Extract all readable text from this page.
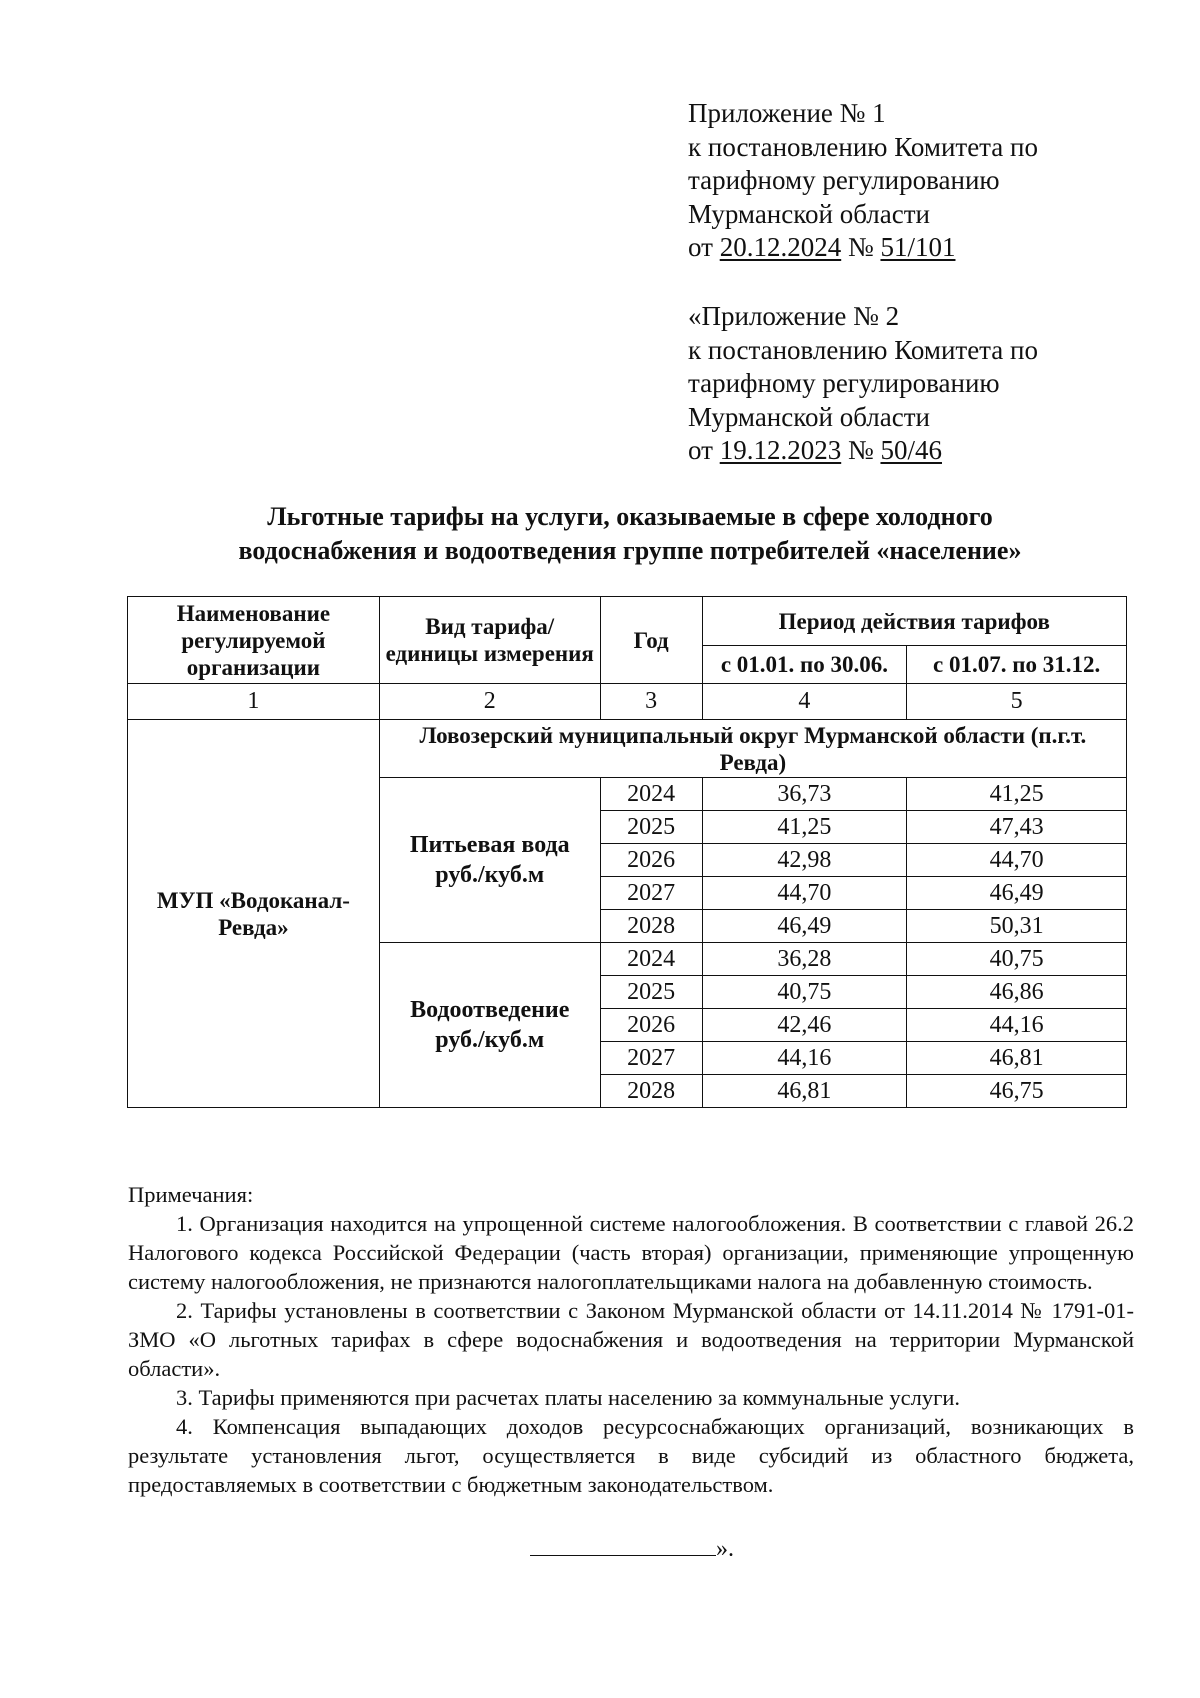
Приложение № 1

к постановлению Комитета по

тарифному регулированию

Мурманской области

от 20.12.2024 № 51/101

«Приложение № 2

к постановлению Комитета по

тарифному регулированию

Мурманской области

от 19.12.2023 № 50/46

Льготные тарифы на услуги, оказываемые в сфере холодного

водоснабжения и водоотведения группе потребителей «население»

Наименование регулируемой организации	Вид тарифа/единицы измерения	Год	Период действия тарифов	
			с 01.01. по 30.06.	с 01.07. по 31.12.
1	2	3	4	5
МУП «Водоканал-Ревда»	Ловозерский муниципальный округ Мурманской области (п.г.т. Ревда)			
	Питьевая вода руб./куб.м	2024	36,73	41,25
		2025	41,25	47,43
		2026	42,98	44,70
		2027	44,70	46,49
		2028	46,49	50,31
	Водоотведение руб./куб.м	2024	36,28	40,75
		2025	40,75	46,86
		2026	42,46	44,16
		2027	44,16	46,81
		2028	46,81	46,75

Примечания:

1. Организация находится на упрощенной системе налогообложения. В соответствии с главой 26.2 Налогового кодекса Российской Федерации (часть вторая) организации, применяющие упрощенную систему налогообложения, не признаются налогоплательщиками налога на добавленную стоимость.

2. Тарифы установлены в соответствии с Законом Мурманской области от 14.11.2014 № 1791-01-ЗМО «О льготных тарифах в сфере водоснабжения и водоотведения на территории Мурманской области».

3. Тарифы применяются при расчетах платы населению за коммунальные услуги.

4. Компенсация выпадающих доходов ресурсоснабжающих организаций, возникающих в результате установления льгот, осуществляется в виде субсидий из областного бюджета, предоставляемых в соответствии с бюджетным законодательством.

».
